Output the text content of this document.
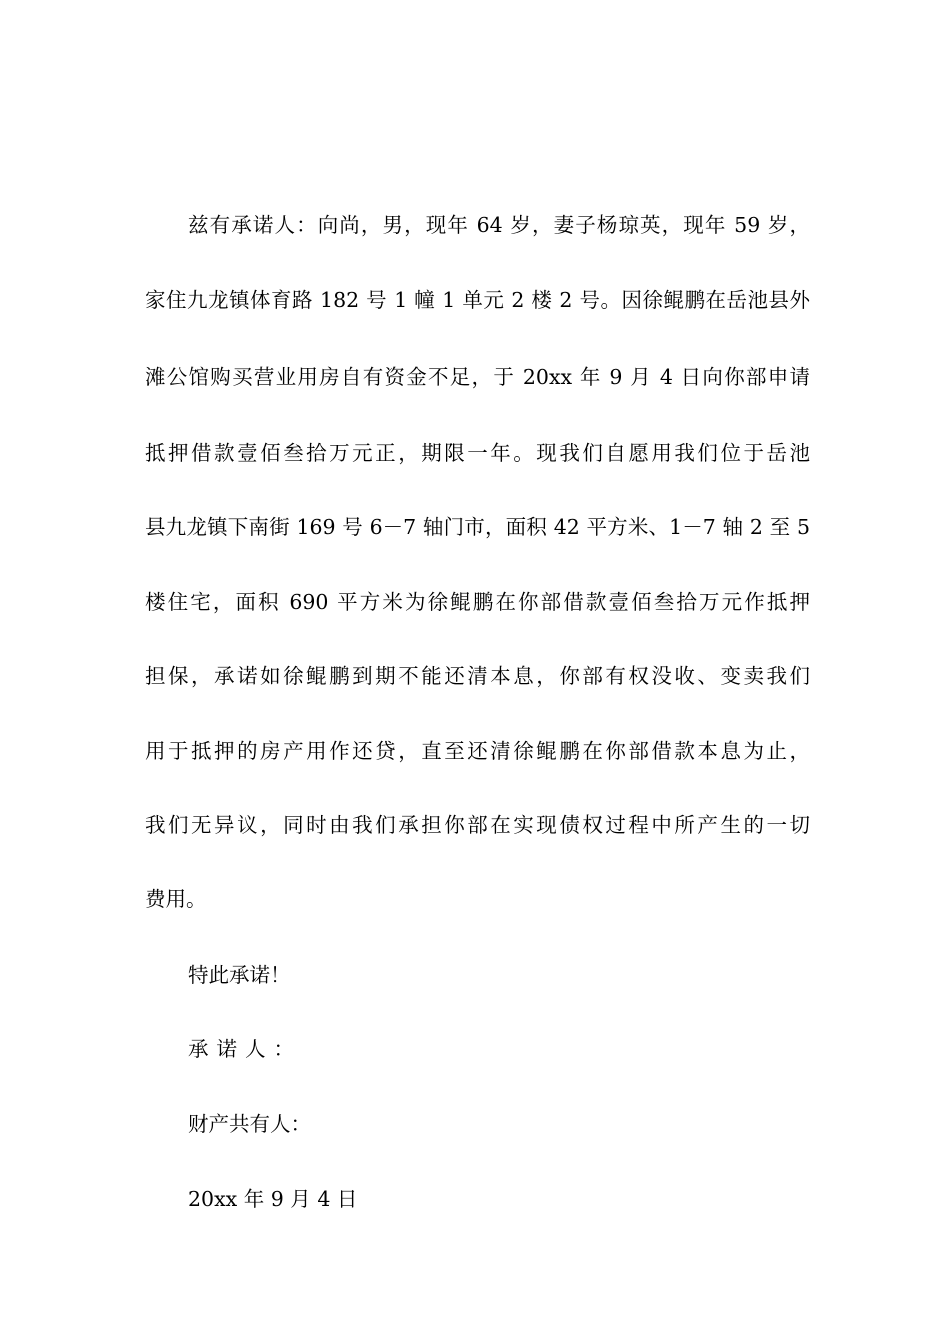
兹有承诺人：向尚，男，现年 64 岁，妻子杨琼英，现年 59 岁，
家住九龙镇体育路 182 号 1 幢 1 单元 2 楼 2 号。因徐鲲鹏在岳池县外
滩公馆购买营业用房自有资金不足，于 20xx 年 9 月 4 日向你部申请
抵押借款壹佰叁拾万元正，期限一年。现我们自愿用我们位于岳池
县九龙镇下南街 169 号 6－7 轴门市，面积 42 平方米、1－7 轴 2 至 5
楼住宅，面积 690 平方米为徐鲲鹏在你部借款壹佰叁拾万元作抵押
担保，承诺如徐鲲鹏到期不能还清本息，你部有权没收、变卖我们
用于抵押的房产用作还贷，直至还清徐鲲鹏在你部借款本息为止，
我们无异议，同时由我们承担你部在实现债权过程中所产生的一切
费用。
特此承诺！
承诺人：
财产共有人：
20xx 年 9 月 4 日
